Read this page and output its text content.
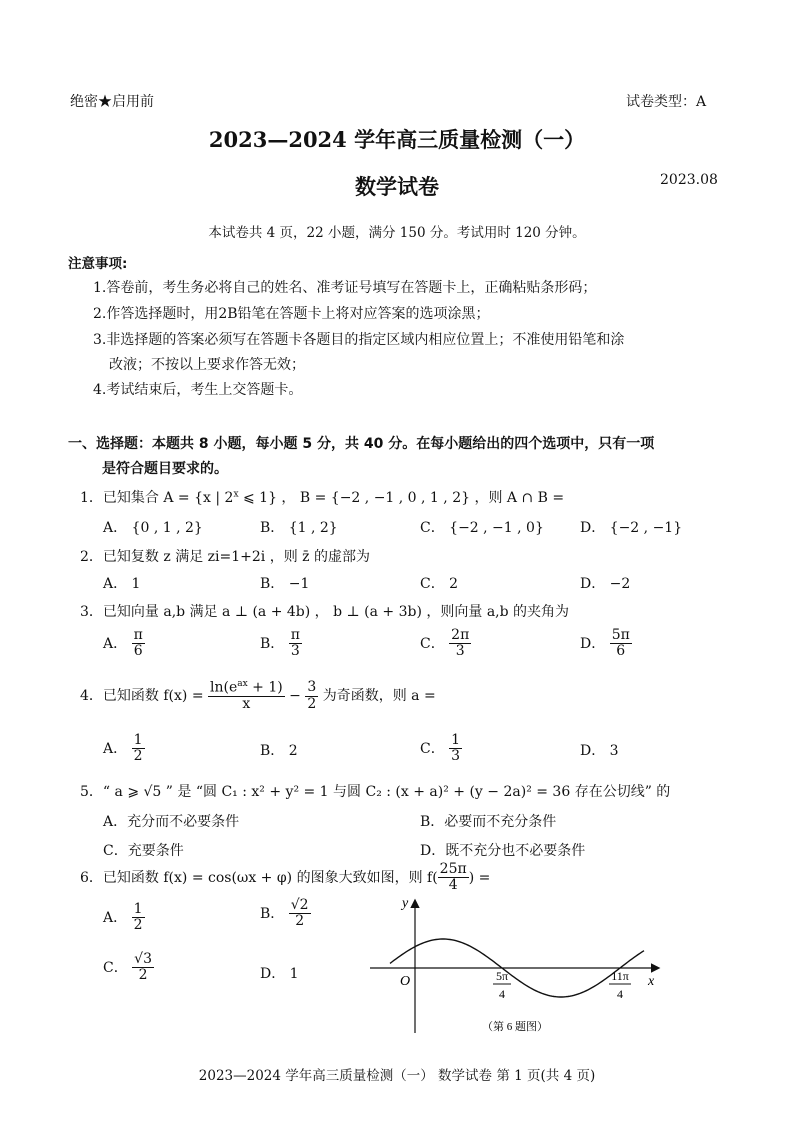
绝密★启用前	试卷类型：A
2023—2024 学年高三质量检测（一）
数学试卷	2023.08
本试卷共 4 页，22 小题，满分 150 分。考试用时 120 分钟。
注意事项:
1.答卷前，考生务必将自己的姓名、准考证号填写在答题卡上，正确粘贴条形码；
2.作答选择题时，用2B铅笔在答题卡上将对应答案的选项涂黑；
3.非选择题的答案必须写在答题卡各题目的指定区域内相应位置上；不准使用铅笔和涂
改液；不按以上要求作答无效；
4.考试结束后，考生上交答题卡。
一、选择题：本题共 8 小题，每小题 5 分，共 40 分。在每小题给出的四个选项中，只有一项
是符合题目要求的。
1．已知集合 A = {x | 2$^x$ ⩽ 1} ， B = {−2 , −1 , 0 , 1 , 2} ，则 A ∩ B =
A． {0 , 1 , 2}	B． {1 , 2}	C． {−2 , −1 , 0}	D． {−2 , −1}
2．已知复数 z 满足 zi=1+2i ，则 z̄ 的虚部为
A． 1	B． −1	C． 2	D． −2
3．已知向量 a,b 满足 a ⊥ (a + 4b) ， b ⊥ (a + 3b) ，则向量 a,b 的夹角为
A． $\frac{\pi}{6}$	B． $\frac{\pi}{3}$	C． $\frac{2\pi}{3}$	D． $\frac{5\pi}{6}$
4．已知函数 $f(x) = \frac{\ln(e^{ax} + 1)}{x} - \frac{3}{2}$ 为奇函数，则 a =
A． $\frac{1}{2}$	B． 2	C． $\frac{1}{3}$	D． 3
5．“ a ⩾ √5 ” 是 “圆 C₁ : x² + y² = 1 与圆 C₂ : (x + a)² + (y − 2a)² = 36 存在公切线” 的
A．充分而不必要条件	B．必要而不充分条件
C．充要条件	D．既不充分也不必要条件
6．已知函数 f(x) = cos(ωx + φ) 的图象大致如图，则 $f( \frac{25\pi}{4}$ ) =
A． $\frac{1}{2}$	B． $\frac{√2}{2}$
C． $\frac{√3}{2}$	D． 1
y
x
O	5π
4
11π
4
（第 6 题图）
2023—2024 学年高三质量检测（一） 数学试卷 第 1 页(共 4 页)
